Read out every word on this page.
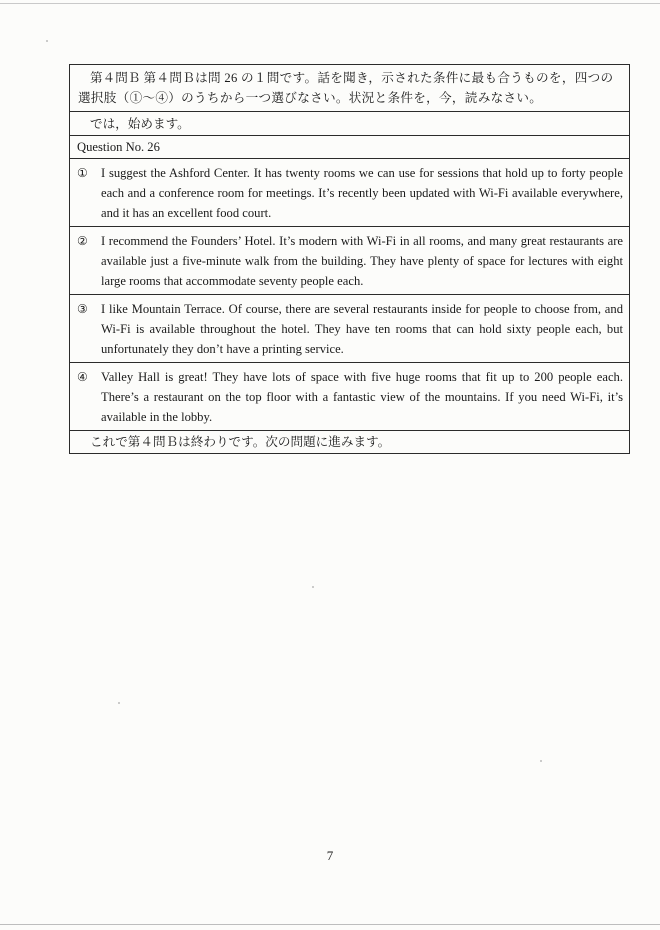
第４問Ｂ 第４問Ｂは問 26 の１問です。話を聞き，示された条件に最も合うものを，四つの選択肢（①～④）のうちから一つ選びなさい。状況と条件を，今，読みなさい。
では，始めます。
Question No. 26

①	I suggest the Ashford Center. It has twenty rooms we can use for sessions that hold up to forty people each and a conference room for meetings. It’s recently been updated with Wi-Fi available everywhere, and it has an excellent food court.

②	I recommend the Founders’ Hotel. It’s modern with Wi-Fi in all rooms, and many great restaurants are available just a five-minute walk from the building. They have plenty of space for lectures with eight large rooms that accommodate seventy people each.

③	I like Mountain Terrace. Of course, there are several restaurants inside for people to choose from, and Wi-Fi is available throughout the hotel. They have ten rooms that can hold sixty people each, but unfortunately they don’t have a printing service.

④	Valley Hall is great! They have lots of space with five huge rooms that fit up to 200 people each. There’s a restaurant on the top floor with a fantastic view of the mountains. If you need Wi-Fi, it’s available in the lobby.

これで第４問Ｂは終わりです。次の問題に進みます。
7
